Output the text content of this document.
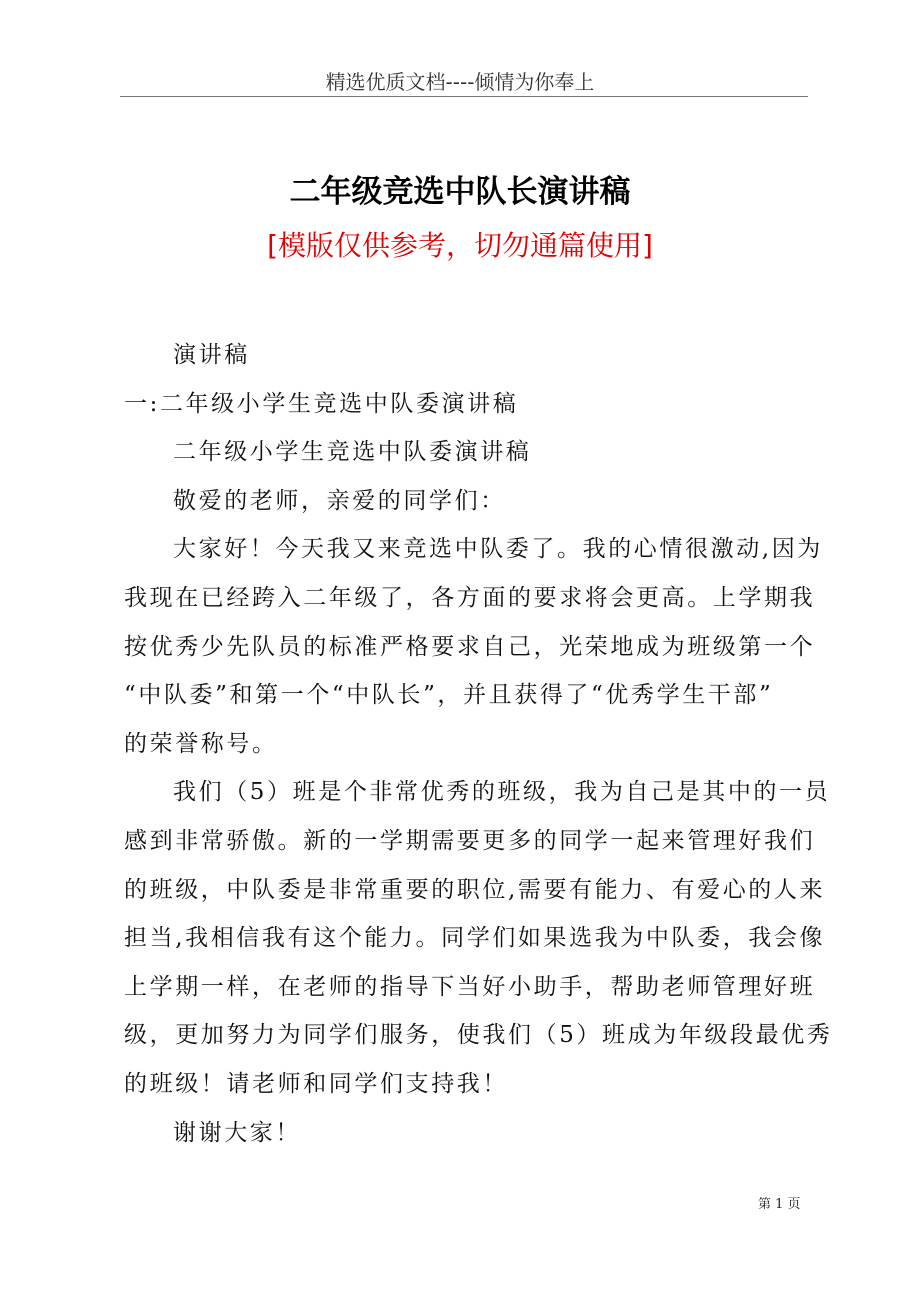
精选优质文档----倾情为你奉上
二年级竞选中队长演讲稿
[模版仅供参考，切勿通篇使用]
演讲稿
一:二年级小学生竞选中队委演讲稿
二年级小学生竞选中队委演讲稿
敬爱的老师，亲爱的同学们：
大家好！今天我又来竞选中队委了。我的心情很激动,因为
我现在已经跨入二年级了，各方面的要求将会更高。上学期我
按优秀少先队员的标准严格要求自己，光荣地成为班级第一个
“中队委”和第一个“中队长”，并且获得了“优秀学生干部”
的荣誉称号。
我们（5）班是个非常优秀的班级，我为自己是其中的一员
感到非常骄傲。新的一学期需要更多的同学一起来管理好我们
的班级，中队委是非常重要的职位,需要有能力、有爱心的人来
担当,我相信我有这个能力。同学们如果选我为中队委，我会像
上学期一样，在老师的指导下当好小助手，帮助老师管理好班
级，更加努力为同学们服务，使我们（5）班成为年级段最优秀
的班级！请老师和同学们支持我！
谢谢大家！
第 1 页
